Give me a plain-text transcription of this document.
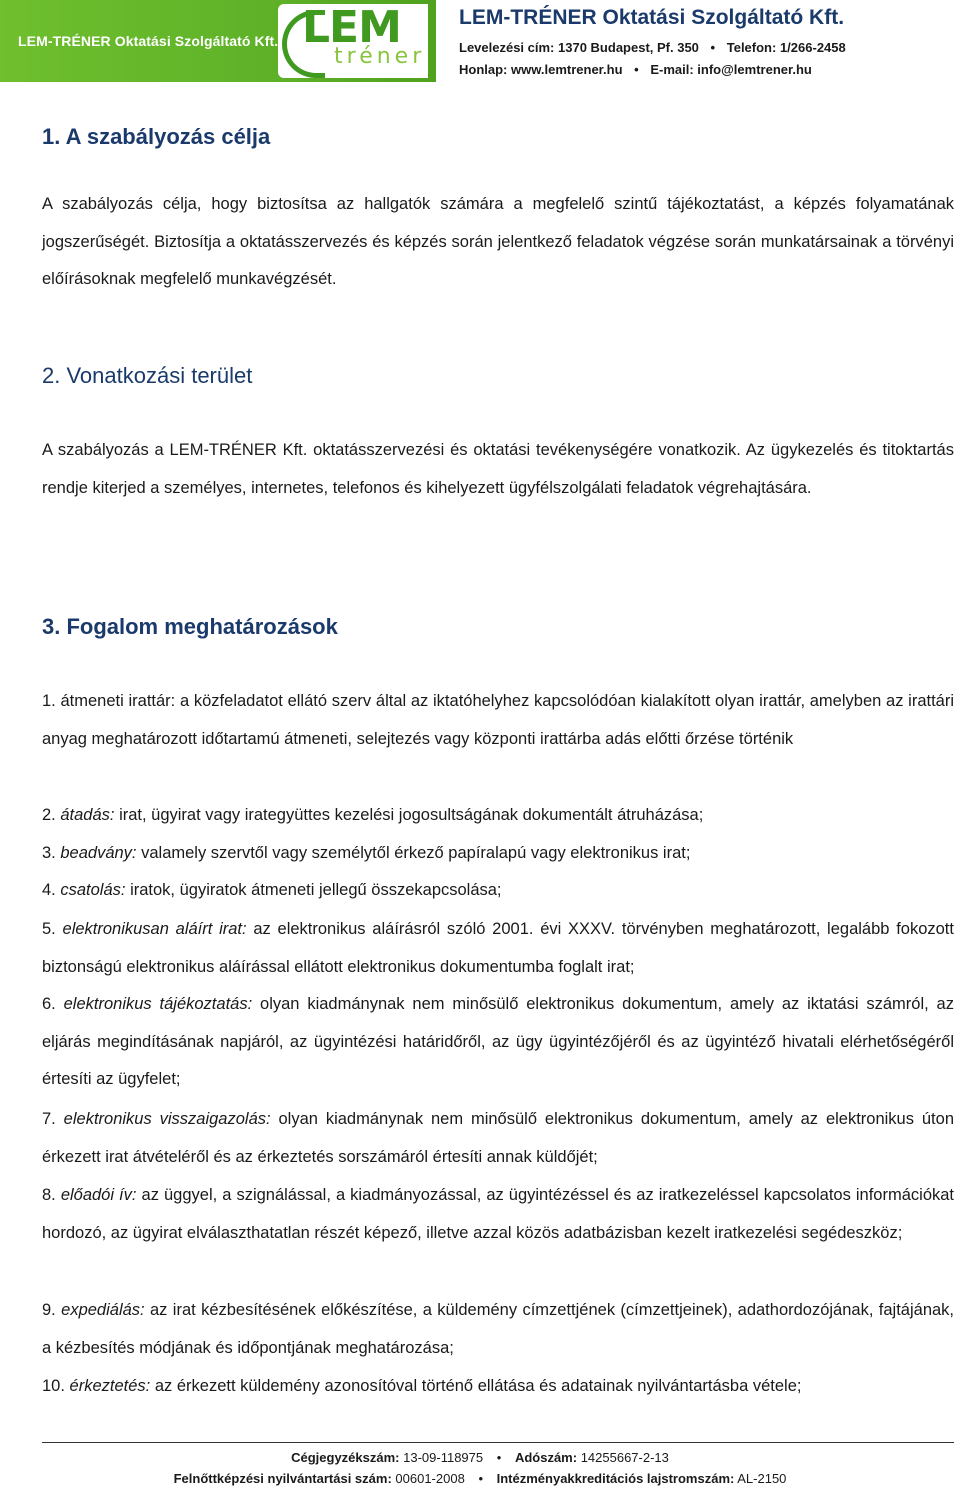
LEM-TRÉNER Oktatási Szolgáltató Kft. LEM
tréner
LEM-TRÉNER Oktatási Szolgáltató Kft.
Levelezési cím: 1370 Budapest, Pf. 350 • Telefon: 1/266-2458
Honlap: www.lemtrener.hu • E-mail: info@lemtrener.hu
1. A szabályozás célja
A szabályozás célja, hogy biztosítsa az hallgatók számára a megfelelő szintű tájékoztatást, a képzés folyamatának jogszerűségét. Biztosítja a oktatásszervezés és képzés során jelentkező feladatok végzése során munkatársainak a törvényi előírásoknak megfelelő munkavégzését.
2. Vonatkozási terület
A szabályozás a LEM-TRÉNER Kft. oktatásszervezési és oktatási tevékenységére vonatkozik. Az ügykezelés és titoktartás rendje kiterjed a személyes, internetes, telefonos és kihelyezett ügyfélszolgálati feladatok végrehajtására.
3. Fogalom meghatározások
1. átmeneti irattár: a közfeladatot ellátó szerv által az iktatóhelyhez kapcsolódóan kialakított olyan irattár, amelyben az irattári anyag meghatározott időtartamú átmeneti, selejtezés vagy központi irattárba adás előtti őrzése történik
2. átadás: irat, ügyirat vagy irategyüttes kezelési jogosultságának dokumentált átruházása;
3. beadvány: valamely szervtől vagy személytől érkező papíralapú vagy elektronikus irat;
4. csatolás: iratok, ügyiratok átmeneti jellegű összekapcsolása;
5. elektronikusan aláírt irat: az elektronikus aláírásról szóló 2001. évi XXXV. törvényben meghatározott, legalább fokozott biztonságú elektronikus aláírással ellátott elektronikus dokumentumba foglalt irat;
6. elektronikus tájékoztatás: olyan kiadmánynak nem minősülő elektronikus dokumentum, amely az iktatási számról, az eljárás megindításának napjáról, az ügyintézési határidőről, az ügy ügyintézőjéről és az ügyintéző hivatali elérhetőségéről értesíti az ügyfelet;
7. elektronikus visszaigazolás: olyan kiadmánynak nem minősülő elektronikus dokumentum, amely az elektronikus úton érkezett irat átvételéről és az érkeztetés sorszámáról értesíti annak küldőjét;
8. előadói ív: az üggyel, a szignálással, a kiadmányozással, az ügyintézéssel és az iratkezeléssel kapcsolatos információkat hordozó, az ügyirat elválaszthatatlan részét képező, illetve azzal közös adatbázisban kezelt iratkezelési segédeszköz;
9. expediálás: az irat kézbesítésének előkészítése, a küldemény címzettjének (címzettjeinek), adathordozójának, fajtájának, a kézbesítés módjának és időpontjának meghatározása;
10. érkeztetés: az érkezett küldemény azonosítóval történő ellátása és adatainak nyilvántartásba vétele;
Cégjegyzékszám: 13-09-118975 • Adószám: 14255667-2-13
Felnőttképzési nyilvántartási szám: 00601-2008 • Intézményakkreditációs lajstromszám: AL-2150
